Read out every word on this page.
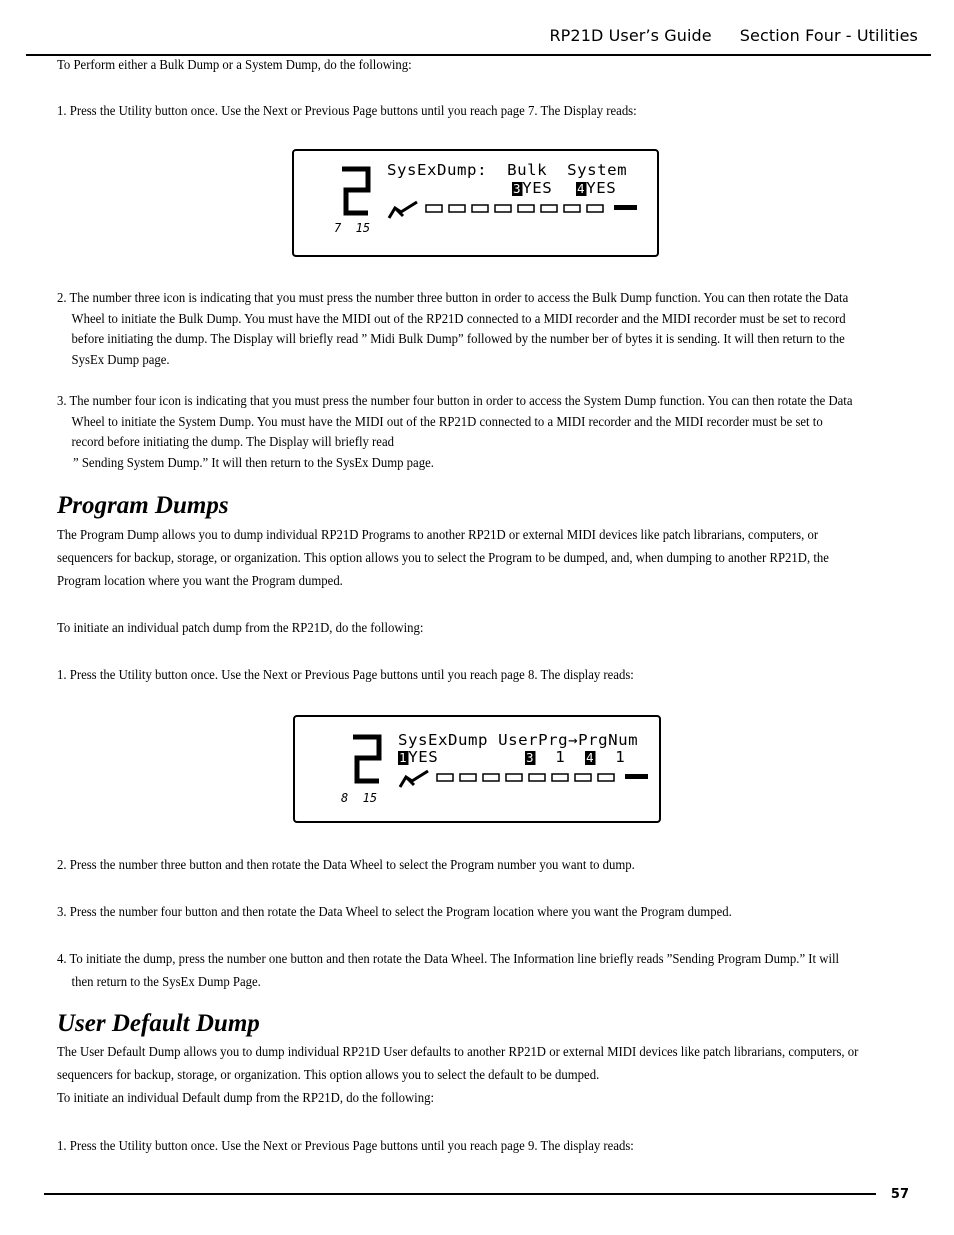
RP21D User’s Guide Section Four - Utilities
To Perform either a Bulk Dump or a System Dump, do the following:
1. Press the Utility button once. Use the Next or Previous Page buttons until you reach page 7. The Display reads:
7  15
SysExDump:  Bulk  System
3YES 4YES
2. The number three icon is indicating that you must press the number three button in order to access the Bulk Dump function. You can then rotate the Data Wheel to initiate the Bulk Dump. You must have the MIDI out of the RP21D connected to a MIDI recorder and the MIDI recorder must be set to record before initiating the dump. The Display will briefly read ” Midi Bulk Dump” followed by the number ber of bytes it is sending. It will then return to the SysEx Dump page.
3. The number four icon is indicating that you must press the number four button in order to access the System Dump function. You can then rotate the Data Wheel to initiate the System Dump. You must have the MIDI out of the RP21D connected to a MIDI recorder and the MIDI recorder must be set to record before initiating the dump. The Display will briefly read
” Sending System Dump.” It will then return to the SysEx Dump page.
Program Dumps
The Program Dump allows you to dump individual RP21D Programs to another RP21D or external MIDI devices like patch librarians, computers, or sequencers for backup, storage, or organization. This option allows you to select the Program to be dumped, and, when dumping to another RP21D, the Program location where you want the Program dumped.
To initiate an individual patch dump from the RP21D, do the following:
1. Press the Utility button once. Use the Next or Previous Page buttons until you reach page 8. The display reads:
8  15
SysExDump UserPrg→PrgNum
1YES	3 1 4 1
2. Press the number three button and then rotate the Data Wheel to select the Program number you want to dump.
3. Press the number four button and then rotate the Data Wheel to select the Program location where you want the Program dumped.
4. To initiate the dump, press the number one button and then rotate the Data Wheel. The Information line briefly reads ”Sending Program Dump.” It will then return to the SysEx Dump Page.
User Default Dump
The User Default Dump allows you to dump individual RP21D User defaults to another RP21D or external MIDI devices like patch librarians, computers, or sequencers for backup, storage, or organization. This option allows you to select the default to be dumped.
To initiate an individual Default dump from the RP21D, do the following:
1. Press the Utility button once. Use the Next or Previous Page buttons until you reach page 9. The display reads:
57
